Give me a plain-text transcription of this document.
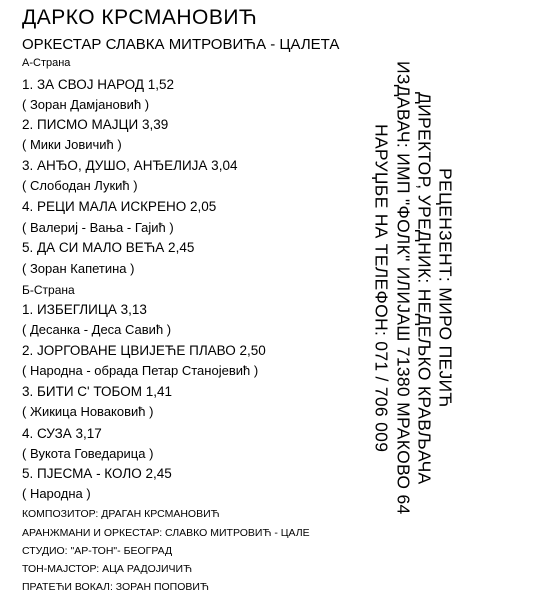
ДАРКО КРСМАНОВИЋ
ОРКЕСТАР СЛАВКА МИТРОВИЋА - ЦАЛЕТА
А-Страна
1. ЗА СВОЈ НАРОД 1,52
( Зоран Дамјановић )
2. ПИСМО МАЈЦИ 3,39
( Мики Јовичић )
3. АНЂО, ДУШО, АНЂЕЛИЈА 3,04
( Слободан Лукић )
4. РЕЦИ МАЛА ИСКРЕНО 2,05
( Валериј - Вања - Гајић )
5. ДА СИ МАЛО ВЕЋА 2,45
( Зоран Капетина )
Б-Страна
1. ИЗБЕГЛИЦА 3,13
( Десанка - Деса Савић )
2. ЈОРГОВАНЕ ЦВИЈЕЋЕ ПЛАВО 2,50
( Народна - обрада Петар Станојевић )
3. БИТИ С' ТОБОМ 1,41
( Жикица Новаковић )
4. СУЗА 3,17
( Вукота Говедарица )
5. ПЈЕСМА - КОЛО 2,45
( Народна )
КОМПОЗИТОР: ДРАГАН КРСМАНОВИЋ
АРАНЖМАНИ И ОРКЕСТАР: СЛАВКО МИТРОВИЋ - ЦАЛЕ
СТУДИО: "АР-ТОН"- БЕОГРАД
ТОН-МАЈСТОР: АЦА РАДОЈИЧИЋ
ПРАТЕЋИ ВОКАЛ: ЗОРАН ПОПОВИЋ
РЕЦЕНЗЕНТ: МИРО ПЕЈИЋ
ДИРЕКТОР, УРЕДНИК: НЕДЕЉКО КРАВЉАЧА
ИЗДАВАЧ: ИМП "ФОЛК" ИЛИЈАШ 71380 МРАКОВО 64
НАРУЏБЕ НА ТЕЛЕФОН: 071 / 706 009
